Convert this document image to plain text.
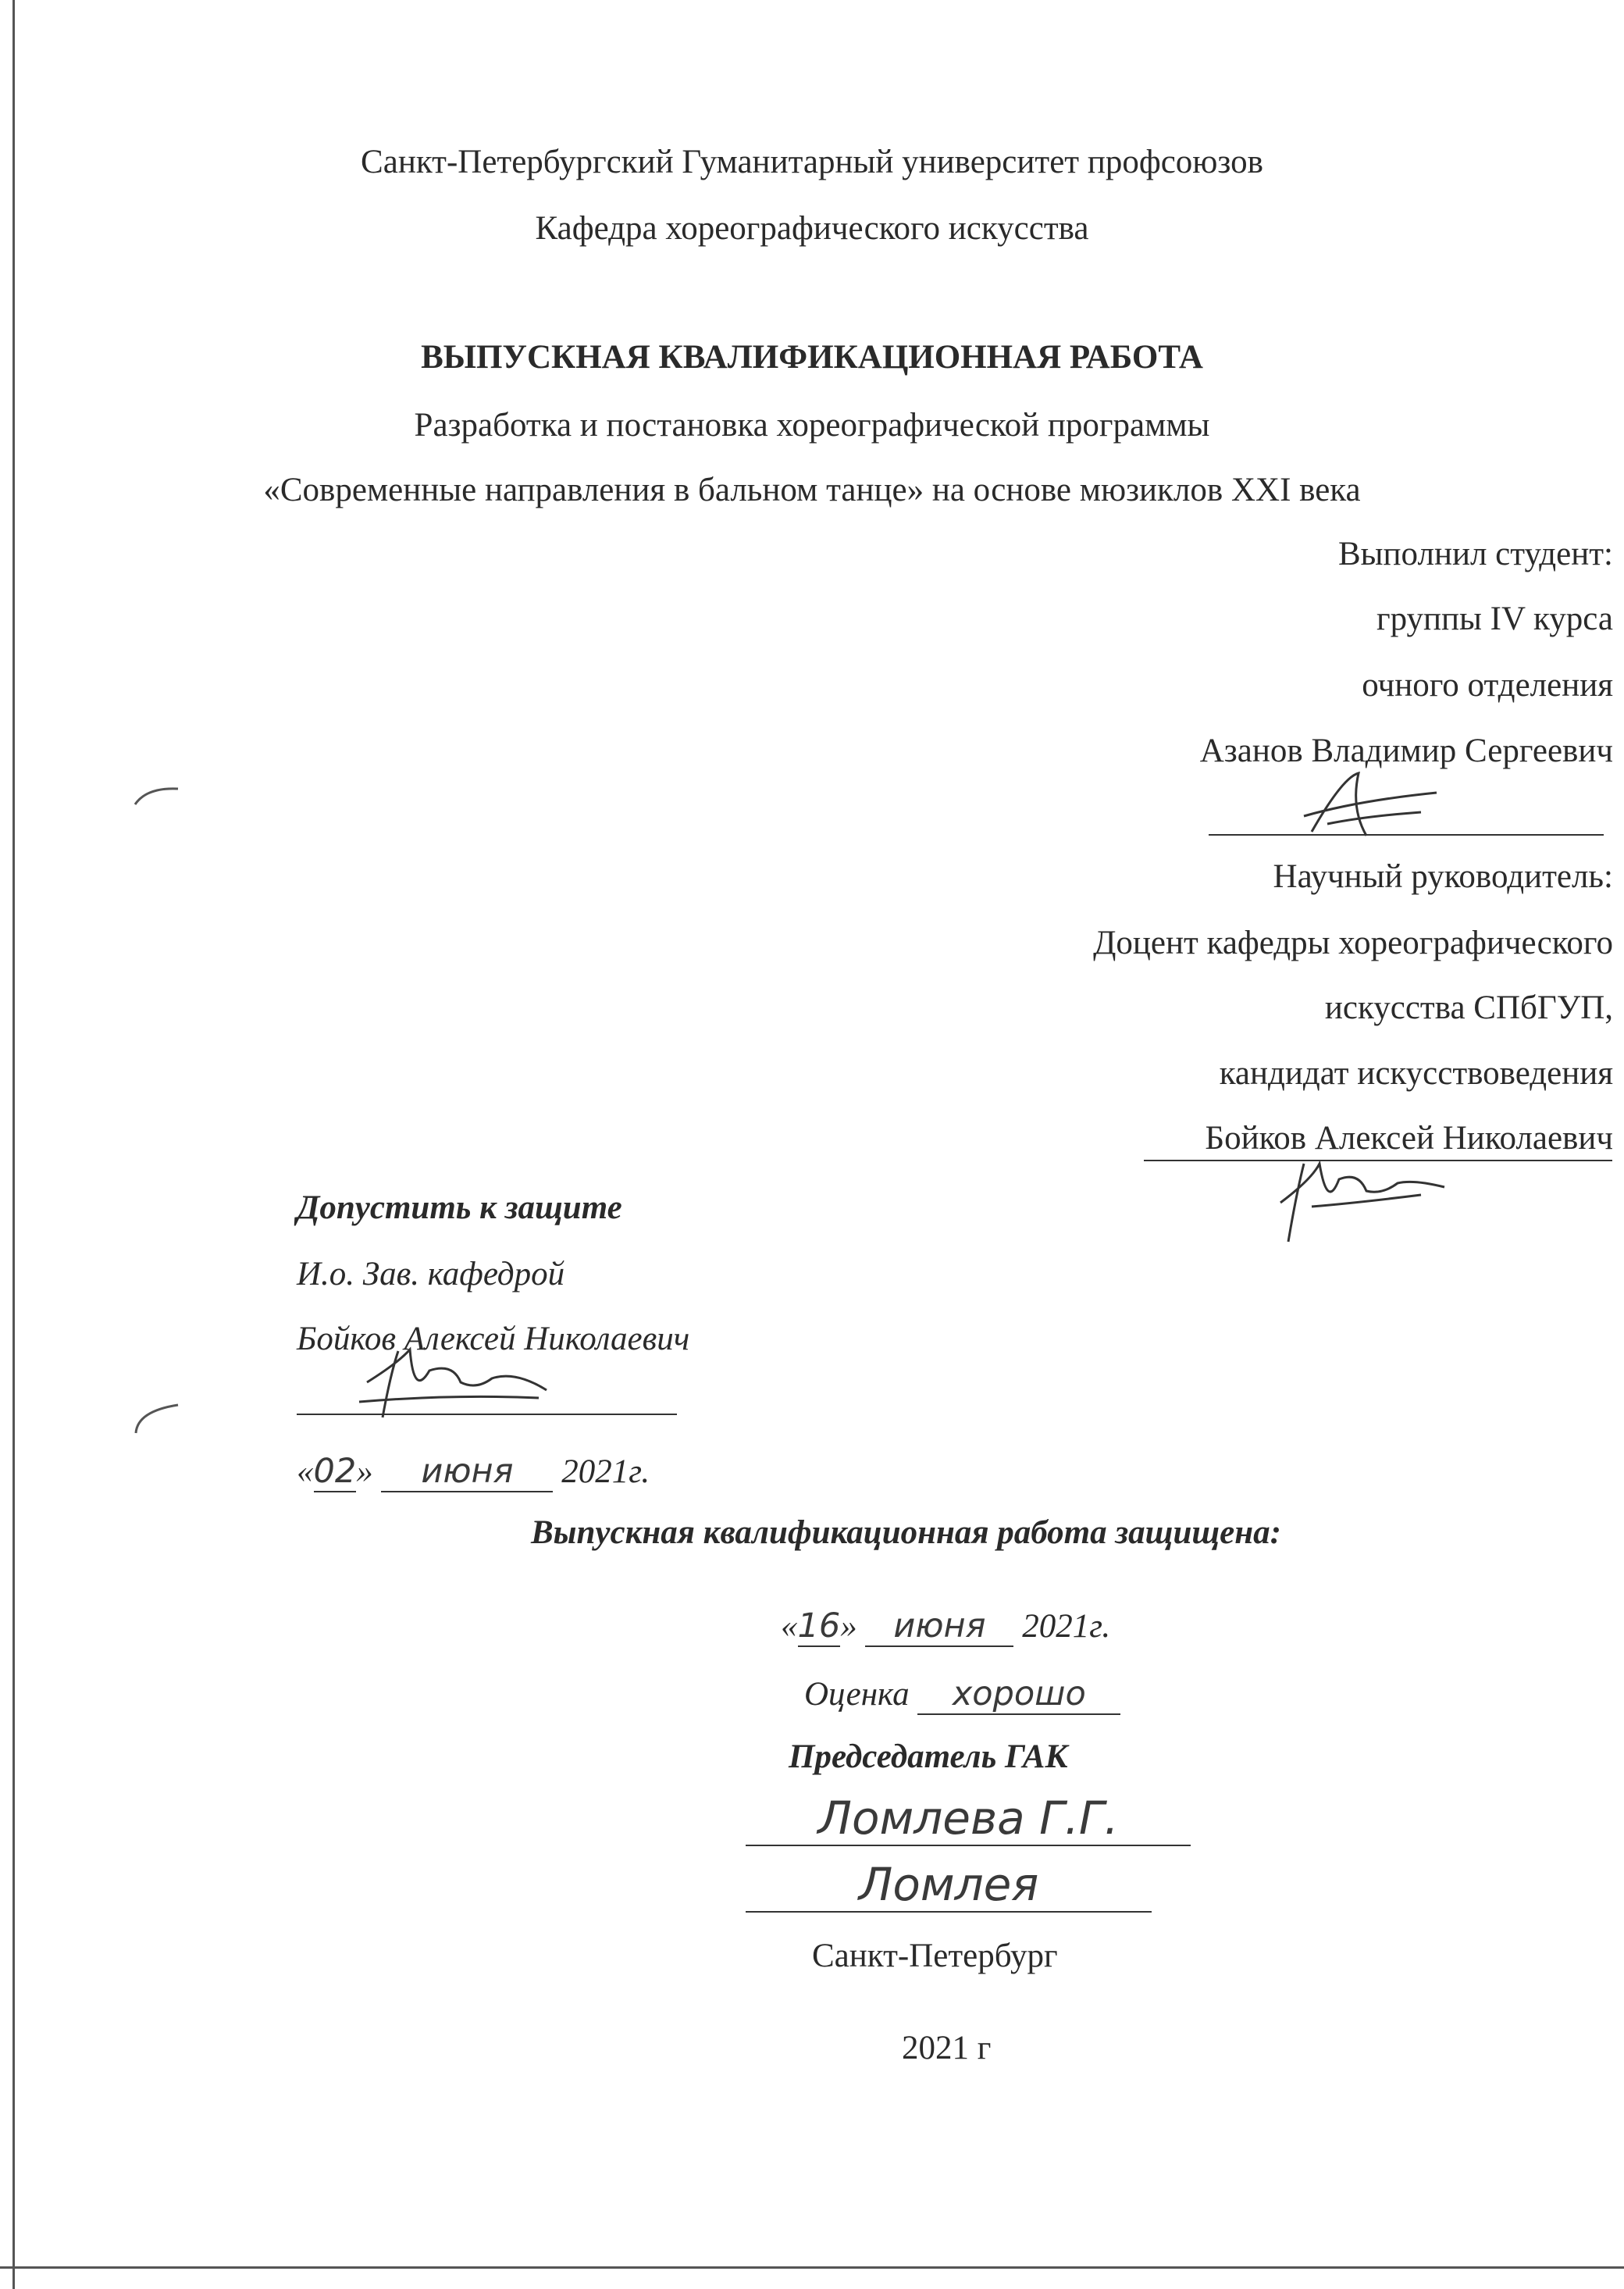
Санкт-Петербургский Гуманитарный университет профсоюзов
Кафедра хореографического искусства
ВЫПУСКНАЯ КВАЛИФИКАЦИОННАЯ РАБОТА
Разработка и постановка хореографической программы
«Современные направления в бальном танце» на основе мюзиклов XXI века
Выполнил студент:
группы IV курса
очного отделения
Азанов Владимир Сергеевич
Научный руководитель:
Доцент кафедры хореографического
искусства СПбГУП,
кандидат искусствоведения
Бойков Алексей Николаевич
Допустить к защите
И.о. Зав. кафедрой
Бойков Алексей Николаевич
«02» июня 2021г.
Выпускная квалификационная работа защищена:
«16» июня 2021г.
Оценка хорошо
Председатель ГАК
Ломлева Г.Г.
Ломлея
Санкт-Петербург
2021 г
